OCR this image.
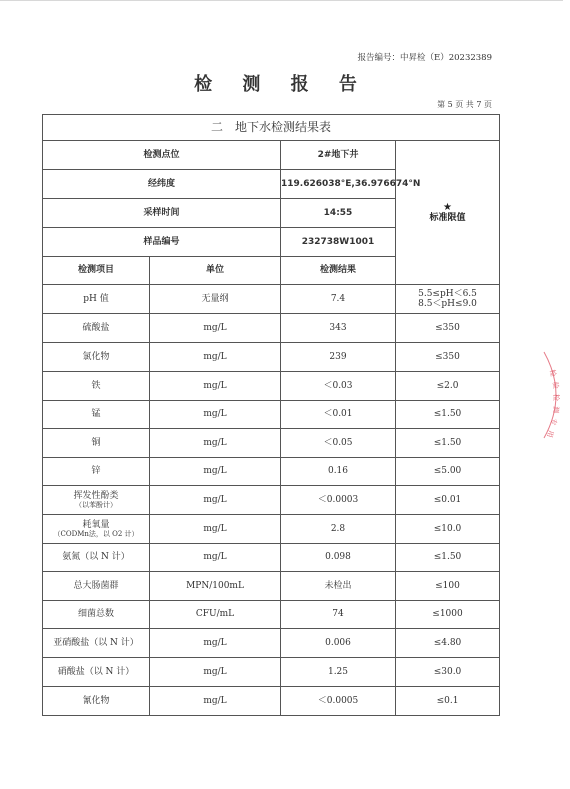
报告编号：中昇检（E）20232389
检 测 报 告
第 5 页 共 7 页
二　地下水检测结果表			
检测点位		2#地下井	★
标准限值
经纬度		119.626038°E,36.976674°N	
采样时间		14:55	
样品编号		232738W1001	
检测项目	单位	检测结果	

pH 值	无量纲	7.4	5.5≤pH＜6.5
8.5＜pH≤9.0

硫酸盐	mg/L	343	≤350

氯化物	mg/L	239	≤350

铁	mg/L	＜0.03	≤2.0

锰	mg/L	＜0.01	≤1.50

铜	mg/L	＜0.05	≤1.50

锌	mg/L	0.16	≤5.00

挥发性酚类
（以苯酚计）	mg/L	＜0.0003	≤0.01

耗氧量
（CODMn法，以 O2 计）	mg/L	2.8	≤10.0

氨氮（以 N 计）	mg/L	0.098	≤1.50

总大肠菌群	MPN/100mL	未检出	≤100

细菌总数	CFU/mL	74	≤1000

亚硝酸盐（以 N 计）	mg/L	0.006	≤4.80

硝酸盐（以 N 计）	mg/L	1.25	≤30.0

氰化物	mg/L	＜0.0005	≤0.1
检
验
检
测
专
用
